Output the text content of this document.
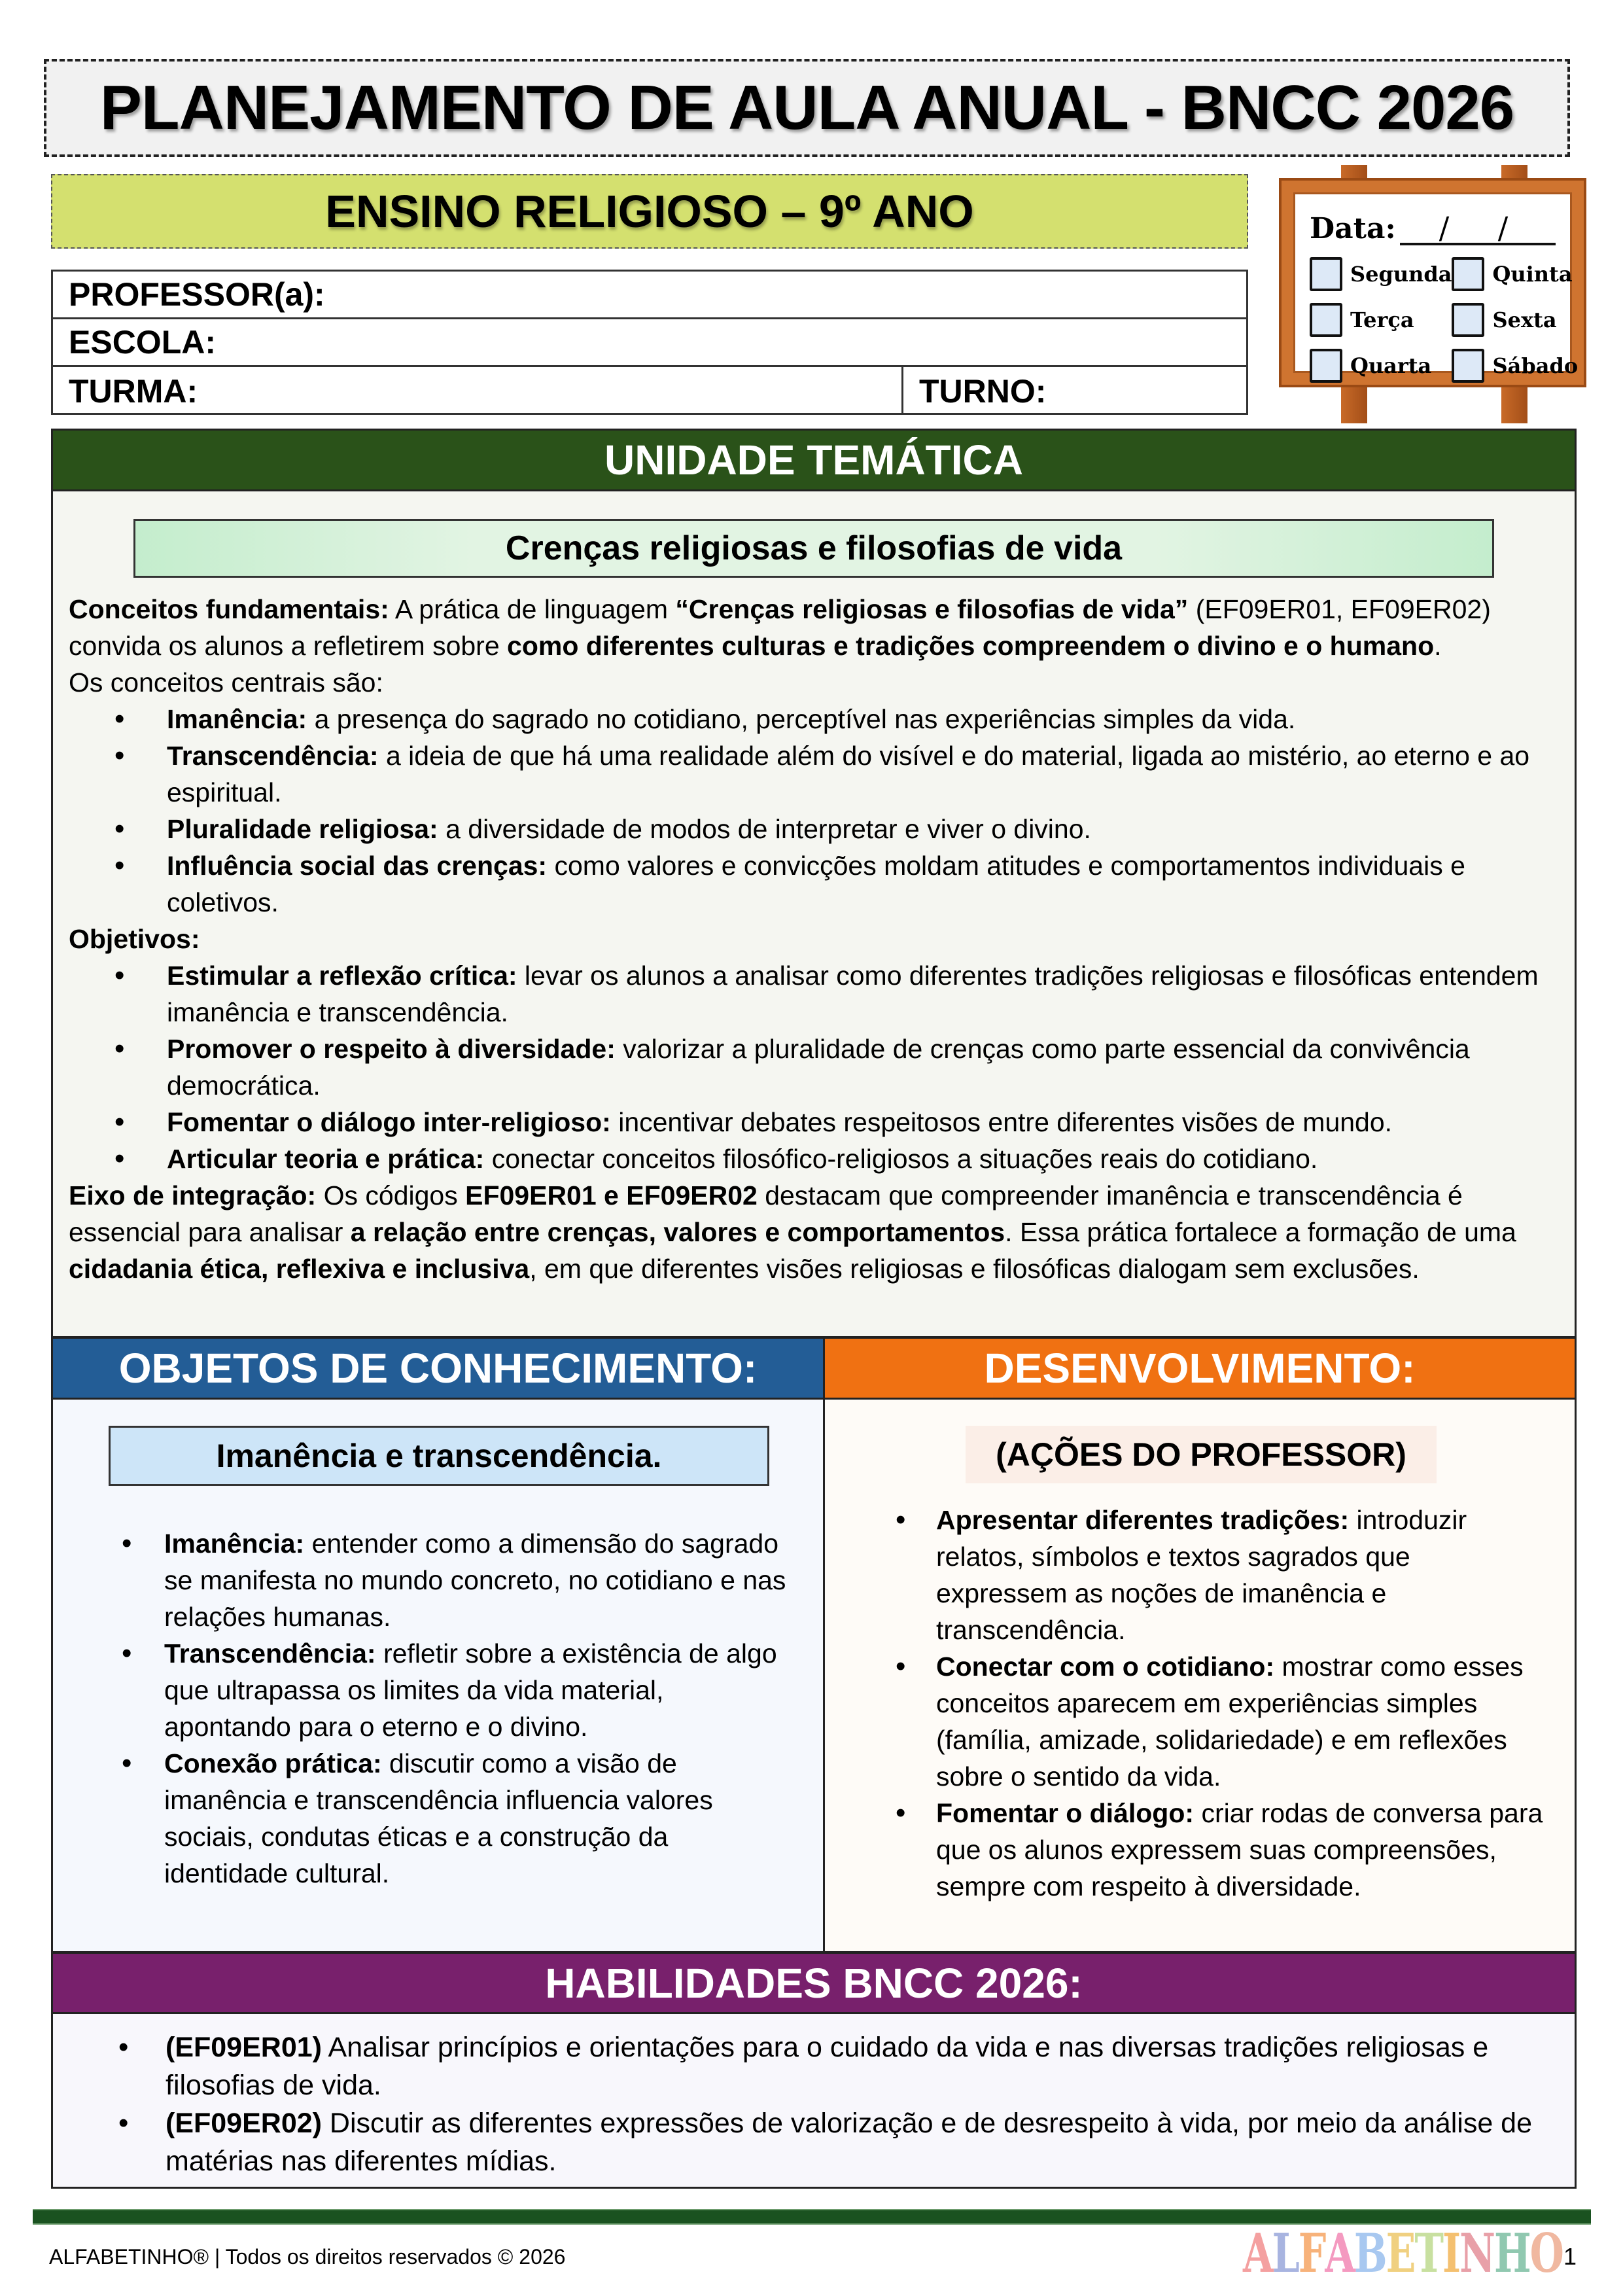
PLANEJAMENTO DE AULA ANUAL - BNCC 2026
ENSINO RELIGIOSO – 9º ANO
PROFESSOR(a):
ESCOLA:
TURMA:	TURNO:
Data: / /
Segunda Quinta
Terça	Sexta
Quarta	Sábado
UNIDADE TEMÁTICA
Crenças religiosas e filosofias de vida

Conceitos fundamentais: A prática de linguagem “Crenças religiosas e filosofias de vida” (EF09ER01, EF09ER02) convida os alunos a refletirem sobre como diferentes culturas e tradições compreendem o divino e o humano.

Os conceitos centrais são:

• Imanência: a presença do sagrado no cotidiano, perceptível nas experiências simples da vida.
• Transcendência: a ideia de que há uma realidade além do visível e do material, ligada ao mistério, ao eterno e ao espiritual.
• Pluralidade religiosa: a diversidade de modos de interpretar e viver o divino.
• Influência social das crenças: como valores e convicções moldam atitudes e comportamentos individuais e coletivos.

Objetivos:

• Estimular a reflexão crítica: levar os alunos a analisar como diferentes tradições religiosas e filosóficas entendem imanência e transcendência.
• Promover o respeito à diversidade: valorizar a pluralidade de crenças como parte essencial da convivência democrática.
• Fomentar o diálogo inter-religioso: incentivar debates respeitosos entre diferentes visões de mundo.
• Articular teoria e prática: conectar conceitos filosófico-religiosos a situações reais do cotidiano.

Eixo de integração: Os códigos EF09ER01 e EF09ER02 destacam que compreender imanência e transcendência é essencial para analisar a relação entre crenças, valores e comportamentos. Essa prática fortalece a formação de uma cidadania ética, reflexiva e inclusiva, em que diferentes visões religiosas e filosóficas dialogam sem exclusões.

OBJETOS DE CONHECIMENTO:
Imanência e transcendência.
• Imanência: entender como a dimensão do sagrado se manifesta no mundo concreto, no cotidiano e nas relações humanas.
• Transcendência: refletir sobre a existência de algo que ultrapassa os limites da vida material, apontando para o eterno e o divino.
• Conexão prática: discutir como a visão de imanência e transcendência influencia valores sociais, condutas éticas e a construção da identidade cultural.
DESENVOLVIMENTO:
(AÇÕES DO PROFESSOR)
• Apresentar diferentes tradições: introduzir relatos, símbolos e textos sagrados que expressem as noções de imanência e transcendência.
• Conectar com o cotidiano: mostrar como esses conceitos aparecem em experiências simples (família, amizade, solidariedade) e em reflexões sobre o sentido da vida.
• Fomentar o diálogo: criar rodas de conversa para que os alunos expressem suas compreensões, sempre com respeito à diversidade.
HABILIDADES BNCC 2026:
• (EF09ER01) Analisar princípios e orientações para o cuidado da vida e nas diversas tradições religiosas e filosofias de vida.
• (EF09ER02) Discutir as diferentes expressões de valorização e de desrespeito à vida, por meio da análise de matérias nas diferentes mídias.
ALFABETINHO® | Todos os direitos reservados © 2026	A L F A B E T I N H O 1
